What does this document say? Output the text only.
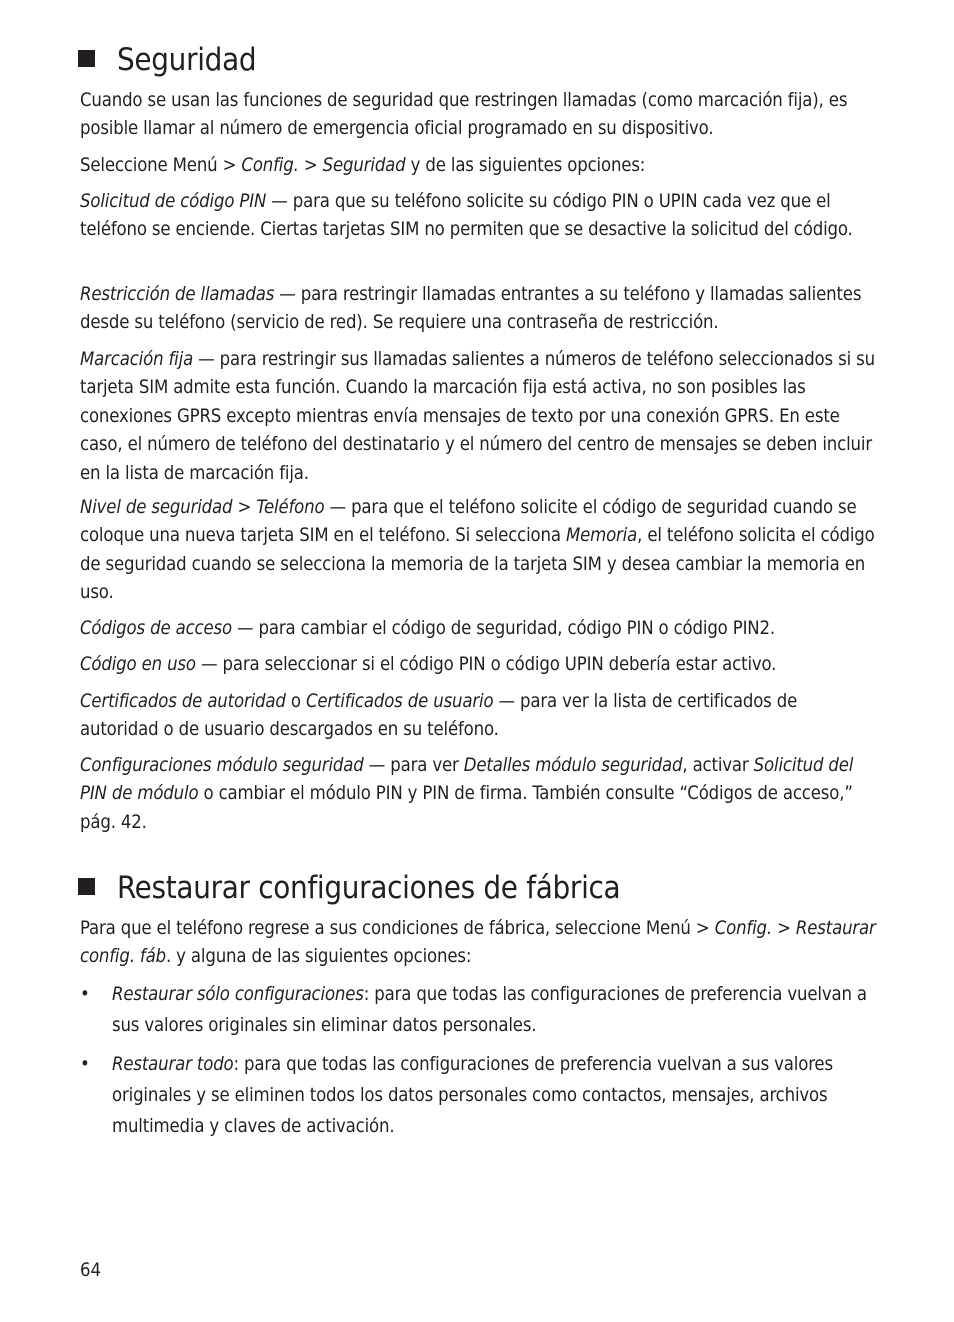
Seguridad
Cuando se usan las funciones de seguridad que restringen llamadas (como marcación fija), es posible llamar al número de emergencia oficial programado en su dispositivo.
Seleccione Menú > Config. > Seguridad y de las siguientes opciones:
Solicitud de código PIN — para que su teléfono solicite su código PIN o UPIN cada vez que el teléfono se enciende. Ciertas tarjetas SIM no permiten que se desactive la solicitud del código.
Restricción de llamadas — para restringir llamadas entrantes a su teléfono y llamadas salientes desde su teléfono (servicio de red). Se requiere una contraseña de restricción.
Marcación fija — para restringir sus llamadas salientes a números de teléfono seleccionados si su tarjeta SIM admite esta función. Cuando la marcación fija está activa, no son posibles las conexiones GPRS excepto mientras envía mensajes de texto por una conexión GPRS. En este caso, el número de teléfono del destinatario y el número del centro de mensajes se deben incluir en la lista de marcación fija.
Nivel de seguridad > Teléfono — para que el teléfono solicite el código de seguridad cuando se coloque una nueva tarjeta SIM en el teléfono. Si selecciona Memoria, el teléfono solicita el código de seguridad cuando se selecciona la memoria de la tarjeta SIM y desea cambiar la memoria en uso.
Códigos de acceso — para cambiar el código de seguridad, código PIN o código PIN2.
Código en uso — para seleccionar si el código PIN o código UPIN debería estar activo.
Certificados de autoridad o Certificados de usuario — para ver la lista de certificados de autoridad o de usuario descargados en su teléfono.
Configuraciones módulo seguridad — para ver Detalles módulo seguridad, activar Solicitud del PIN de módulo o cambiar el módulo PIN y PIN de firma. También consulte “Códigos de acceso,” pág. 42.
Restaurar configuraciones de fábrica
Para que el teléfono regrese a sus condiciones de fábrica, seleccione Menú > Config. > Restaurar config. fáb. y alguna de las siguientes opciones:
• Restaurar sólo configuraciones: para que todas las configuraciones de preferencia vuelvan a sus valores originales sin eliminar datos personales.
• Restaurar todo: para que todas las configuraciones de preferencia vuelvan a sus valores originales y se eliminen todos los datos personales como contactos, mensajes, archivos multimedia y claves de activación.
64
